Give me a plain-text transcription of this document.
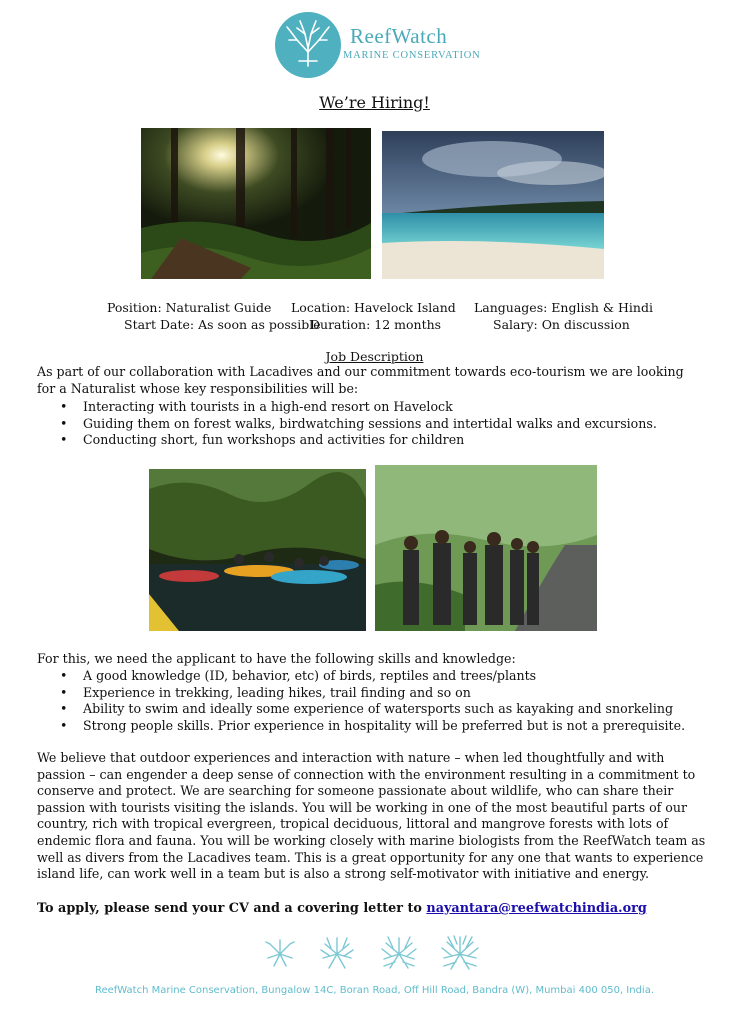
ReefWatch
MARINE CONSERVATION
We’re Hiring!
Position: Naturalist Guide Location: Havelock Island Languages: English & Hindi
Start Date: As soon as possible
Duration: 12 months	Salary: On discussion
Job Description
As part of our collaboration with Lacadives and our commitment towards eco-tourism we are looking for a Naturalist whose key responsibilities will be:
• Interacting with tourists in a high-end resort on Havelock
• Guiding them on forest walks, birdwatching sessions and intertidal walks and excursions.
• Conducting short, fun workshops and activities for children
For this, we need the applicant to have the following skills and knowledge:
• A good knowledge (ID, behavior, etc) of birds, reptiles and trees/plants
• Experience in trekking, leading hikes, trail finding and so on
• Ability to swim and ideally some experience of watersports such as kayaking and snorkeling
• Strong people skills. Prior experience in hospitality will be preferred but is not a prerequisite.
We believe that outdoor experiences and interaction with nature – when led thoughtfully and with passion – can engender a deep sense of connection with the environment resulting in a commitment to conserve and protect. We are searching for someone passionate about wildlife, who can share their passion with tourists visiting the islands. You will be working in one of the most beautiful parts of our country, rich with tropical evergreen, tropical deciduous, littoral and mangrove forests with lots of endemic flora and fauna. You will be working closely with marine biologists from the ReefWatch team as well as divers from the Lacadives team. This is a great opportunity for any one that wants to experience island life, can work well in a team but is also a strong self-motivator with initiative and energy.
To apply, please send your CV and a covering letter to nayantara@reefwatchindia.org
ReefWatch Marine Conservation, Bungalow 14C, Boran Road, Off Hill Road, Bandra (W), Mumbai 400 050, India.
